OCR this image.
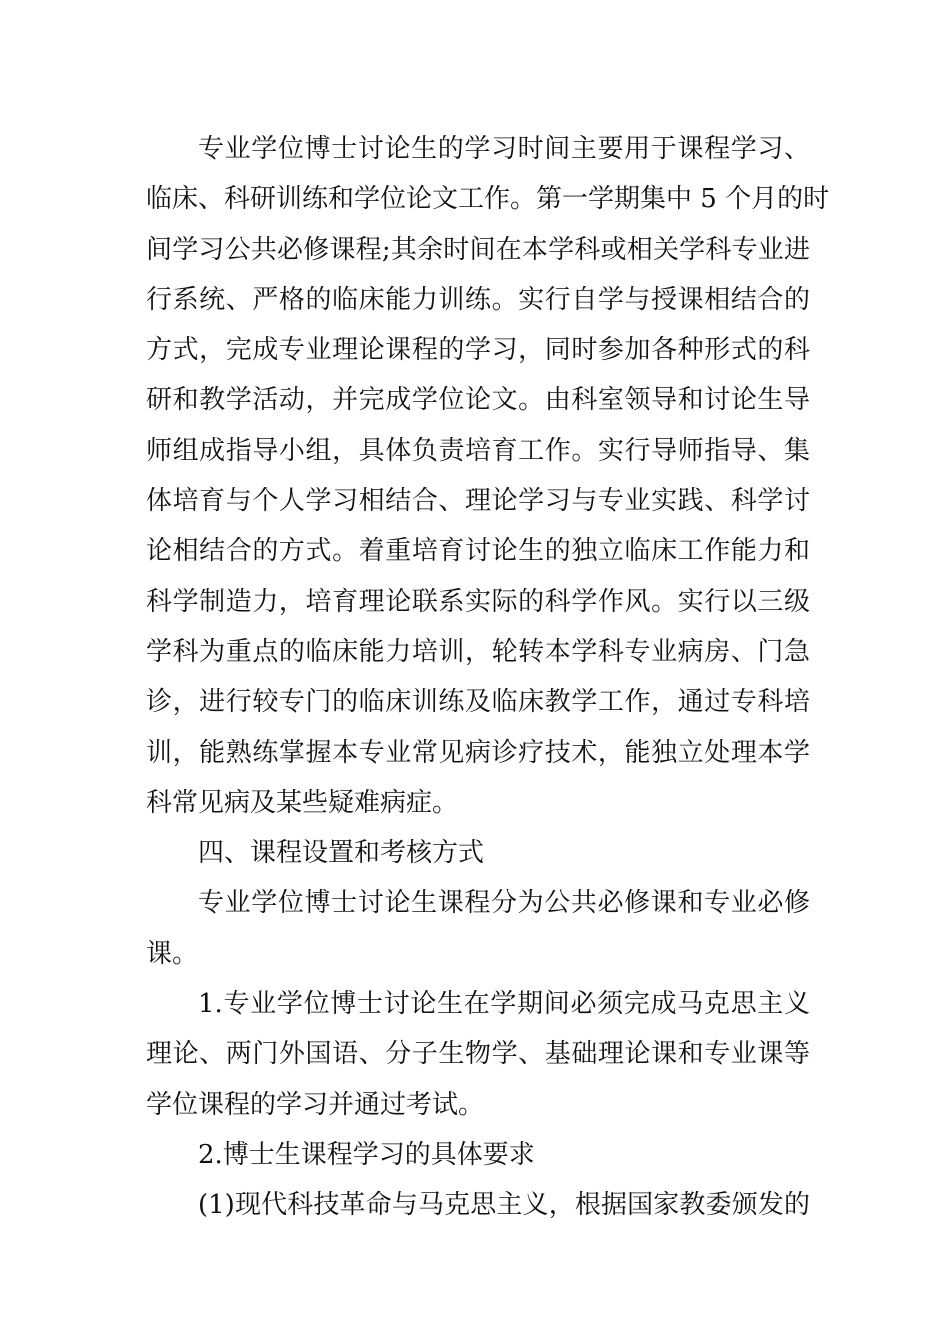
专业学位博士讨论生的学习时间主要用于课程学习、
临床、科研训练和学位论文工作。第一学期集中 5 个月的时
间学习公共必修课程;其余时间在本学科或相关学科专业进
行系统、严格的临床能力训练。实行自学与授课相结合的
方式，完成专业理论课程的学习，同时参加各种形式的科
研和教学活动，并完成学位论文。由科室领导和讨论生导
师组成指导小组，具体负责培育工作。实行导师指导、集
体培育与个人学习相结合、理论学习与专业实践、科学讨
论相结合的方式。着重培育讨论生的独立临床工作能力和
科学制造力，培育理论联系实际的科学作风。实行以三级
学科为重点的临床能力培训，轮转本学科专业病房、门急
诊，进行较专门的临床训练及临床教学工作，通过专科培
训，能熟练掌握本专业常见病诊疗技术，能独立处理本学
科常见病及某些疑难病症。
四、课程设置和考核方式
专业学位博士讨论生课程分为公共必修课和专业必修
课。
1.专业学位博士讨论生在学期间必须完成马克思主义
理论、两门外国语、分子生物学、基础理论课和专业课等
学位课程的学习并通过考试。
2.博士生课程学习的具体要求
(1)现代科技革命与马克思主义，根据国家教委颁发的
